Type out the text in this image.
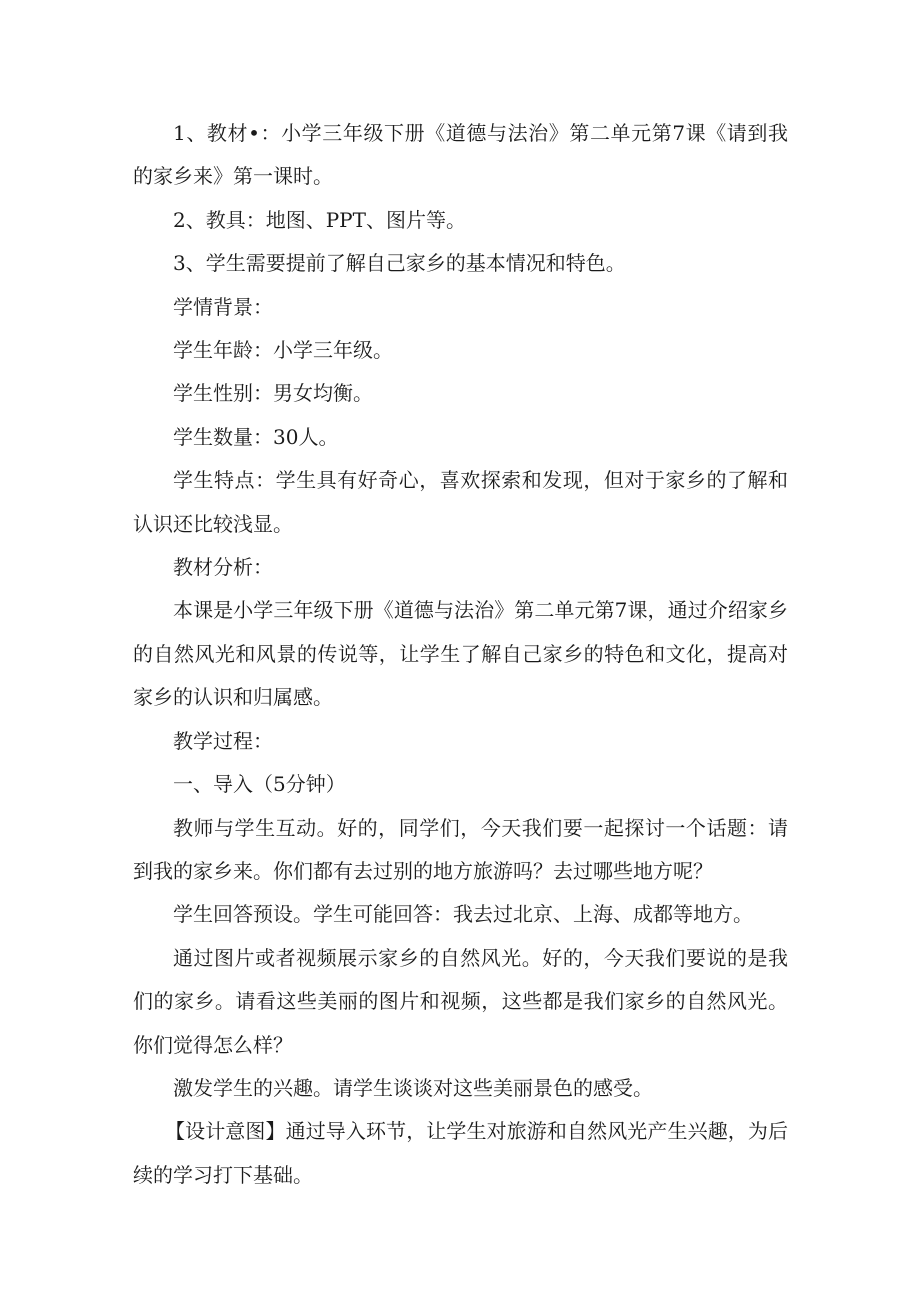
1、教材•：小学三年级下册《道德与法治》第二单元第7课《请到我的家乡来》第一课时。

2、教具：地图、PPT、图片等。

3、学生需要提前了解自己家乡的基本情况和特色。

学情背景：

学生年龄：小学三年级。

学生性别：男女均衡。

学生数量：30人。

学生特点：学生具有好奇心，喜欢探索和发现，但对于家乡的了解和认识还比较浅显。

教材分析：

本课是小学三年级下册《道德与法治》第二单元第7课，通过介绍家乡的自然风光和风景的传说等，让学生了解自己家乡的特色和文化，提高对家乡的认识和归属感。

教学过程：

一、导入（5分钟）

教师与学生互动。好的，同学们，今天我们要一起探讨一个话题：请到我的家乡来。你们都有去过别的地方旅游吗？去过哪些地方呢？

学生回答预设。学生可能回答：我去过北京、上海、成都等地方。

通过图片或者视频展示家乡的自然风光。好的，今天我们要说的是我们的家乡。请看这些美丽的图片和视频，这些都是我们家乡的自然风光。你们觉得怎么样？

激发学生的兴趣。请学生谈谈对这些美丽景色的感受。

【设计意图】通过导入环节，让学生对旅游和自然风光产生兴趣，为后续的学习打下基础。
